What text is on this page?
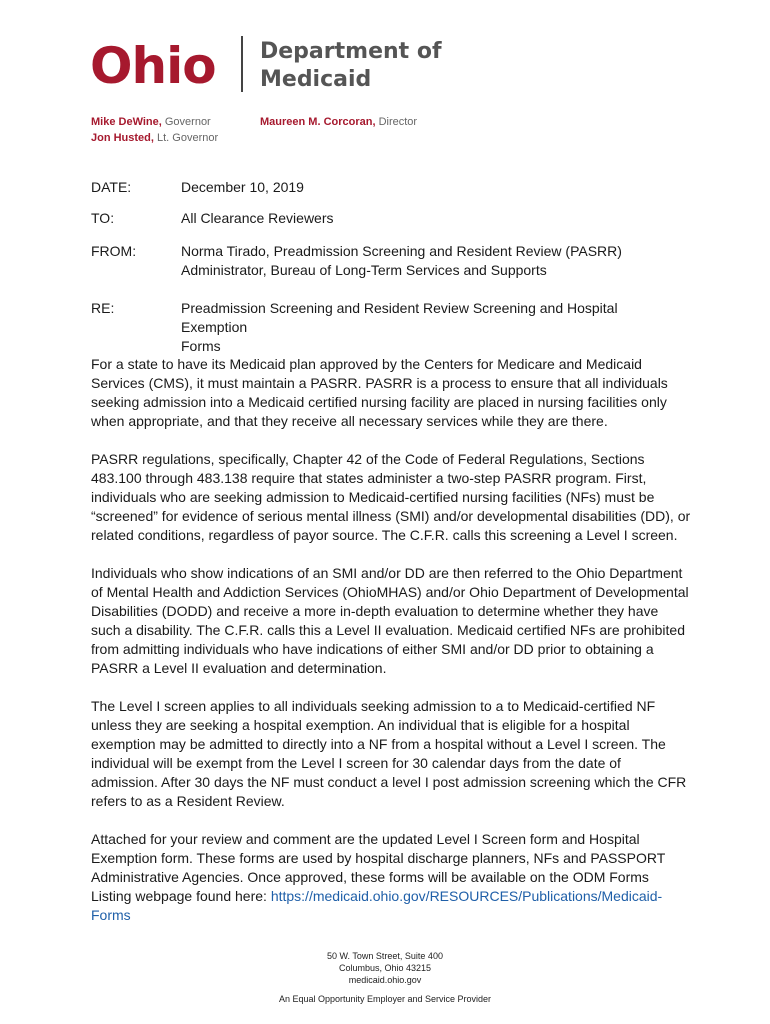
Ohio Department of
Medicaid
Mike DeWine, Governor
Jon Husted, Lt. Governor
Maureen M. Corcoran, Director
DATE:	December 10, 2019
TO:	All Clearance Reviewers
FROM:	Norma Tirado, Preadmission Screening and Resident Review (PASRR)
Administrator, Bureau of Long-Term Services and Supports
RE:	Preadmission Screening and Resident Review Screening and Hospital Exemption
Forms

For a state to have its Medicaid plan approved by the Centers for Medicare and Medicaid Services (CMS), it must maintain a PASRR. PASRR is a process to ensure that all individuals seeking admission into a Medicaid certified nursing facility are placed in nursing facilities only when appropriate, and that they receive all necessary services while they are there.

PASRR regulations, specifically, Chapter 42 of the Code of Federal Regulations, Sections 483.100 through 483.138 require that states administer a two-step PASRR program. First, individuals who are seeking admission to Medicaid-certified nursing facilities (NFs) must be “screened” for evidence of serious mental illness (SMI) and/or developmental disabilities (DD), or related conditions, regardless of payor source. The C.F.R. calls this screening a Level I screen.

Individuals who show indications of an SMI and/or DD are then referred to the Ohio Department of Mental Health and Addiction Services (OhioMHAS) and/or Ohio Department of Developmental Disabilities (DODD) and receive a more in-depth evaluation to determine whether they have such a disability. The C.F.R. calls this a Level II evaluation. Medicaid certified NFs are prohibited from admitting individuals who have indications of either SMI and/or DD prior to obtaining a PASRR a Level II evaluation and determination.

The Level I screen applies to all individuals seeking admission to a to Medicaid-certified NF unless they are seeking a hospital exemption. An individual that is eligible for a hospital exemption may be admitted to directly into a NF from a hospital without a Level I screen. The individual will be exempt from the Level I screen for 30 calendar days from the date of admission. After 30 days the NF must conduct a level I post admission screening which the CFR refers to as a Resident Review.

Attached for your review and comment are the updated Level I Screen form and Hospital Exemption form. These forms are used by hospital discharge planners, NFs and PASSPORT Administrative Agencies. Once approved, these forms will be available on the ODM Forms Listing webpage found here: https://medicaid.ohio.gov/RESOURCES/Publications/Medicaid-Forms

50 W. Town Street, Suite 400
Columbus, Ohio 43215
medicaid.ohio.gov
An Equal Opportunity Employer and Service Provider
